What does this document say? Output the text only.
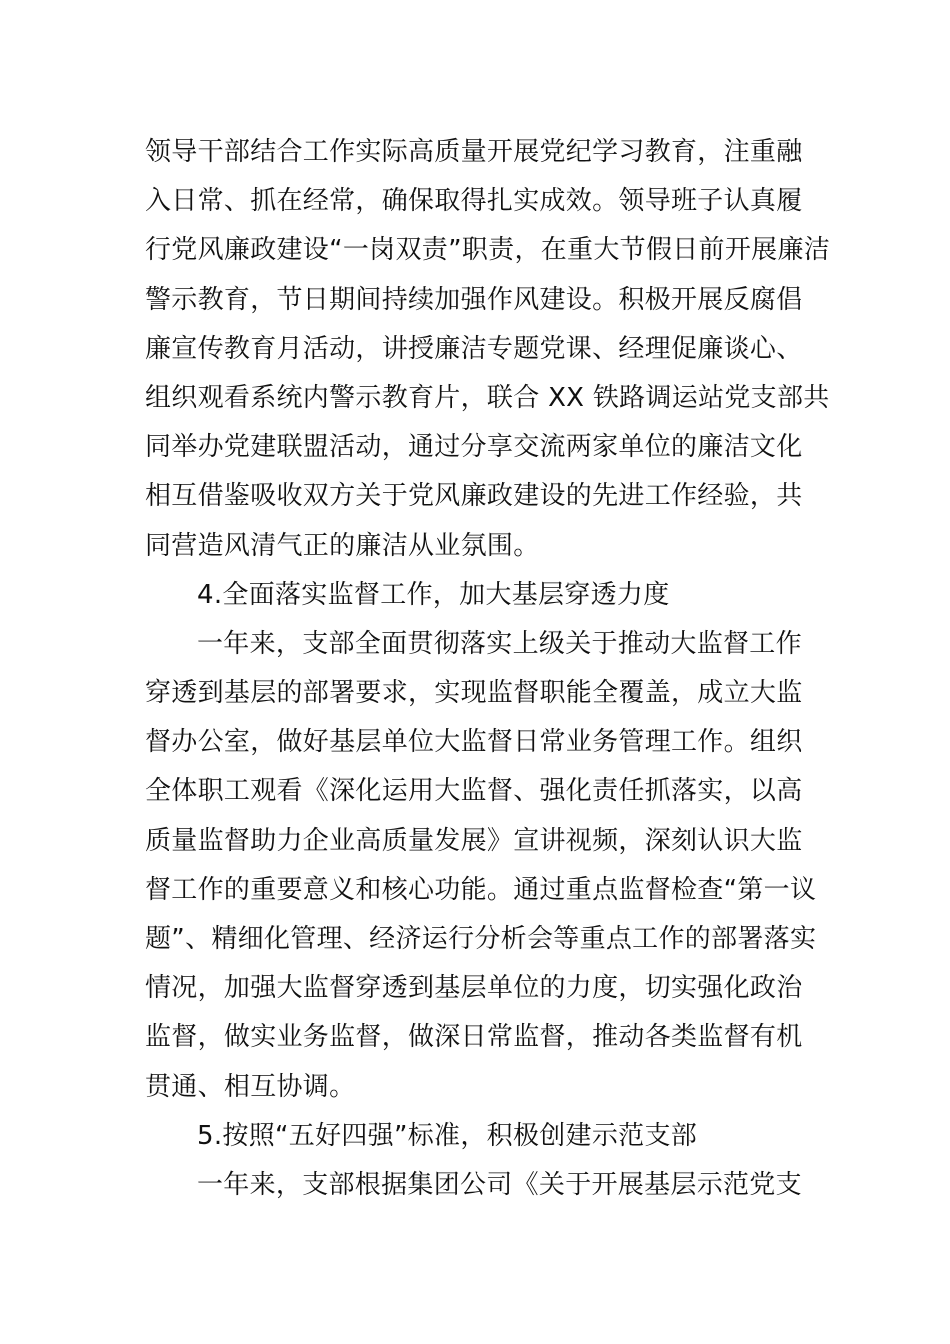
领导干部结合工作实际高质量开展党纪学习教育，注重融
入日常、抓在经常，确保取得扎实成效。领导班子认真履
行党风廉政建设“一岗双责”职责，在重大节假日前开展廉洁
警示教育，节日期间持续加强作风建设。积极开展反腐倡
廉宣传教育月活动，讲授廉洁专题党课、经理促廉谈心、
组织观看系统内警示教育片，联合 XX 铁路调运站党支部共
同举办党建联盟活动，通过分享交流两家单位的廉洁文化
相互借鉴吸收双方关于党风廉政建设的先进工作经验，共
同营造风清气正的廉洁从业氛围。
4.全面落实监督工作，加大基层穿透力度
一年来，支部全面贯彻落实上级关于推动大监督工作
穿透到基层的部署要求，实现监督职能全覆盖，成立大监
督办公室，做好基层单位大监督日常业务管理工作。组织
全体职工观看《深化运用大监督、强化责任抓落实，以高
质量监督助力企业高质量发展》宣讲视频，深刻认识大监
督工作的重要意义和核心功能。通过重点监督检查“第一议
题”、精细化管理、经济运行分析会等重点工作的部署落实
情况，加强大监督穿透到基层单位的力度，切实强化政治
监督，做实业务监督，做深日常监督，推动各类监督有机
贯通、相互协调。
5.按照“五好四强”标准，积极创建示范支部
一年来，支部根据集团公司《关于开展基层示范党支
